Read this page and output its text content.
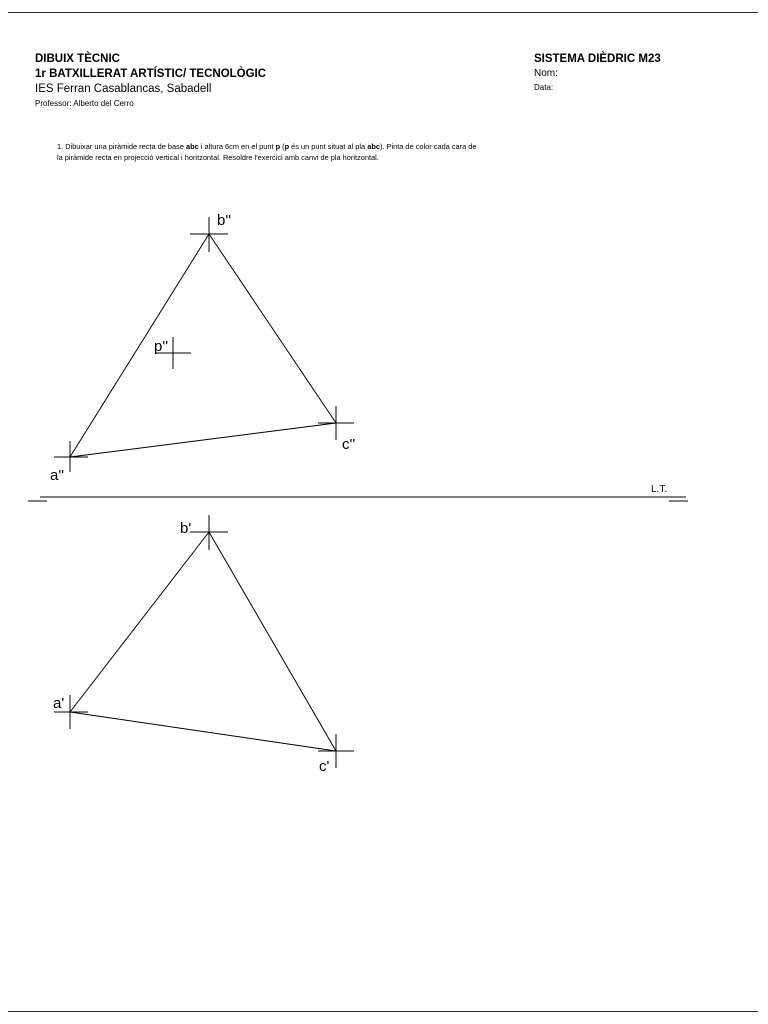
DIBUIX TÈCNIC
1r BATXILLERAT ARTÍSTIC/ TECNOLÒGIC
IES Ferran Casablancas, Sabadell
Professor: Alberto del Cerro
SISTEMA DIÈDRIC M23
Nom:
Data:
1. Dibuixar una piràmide recta de base abc i altura 6cm en el punt p (p és un punt situat al pla abc). Pinta de color cada cara de
la piràmide recta en projecció vertical i horitzontal. Resoldre l'exercici amb canvi de pla horitzontal.
L.T.
b''
p''
c''
a''
b'
a'
c'
